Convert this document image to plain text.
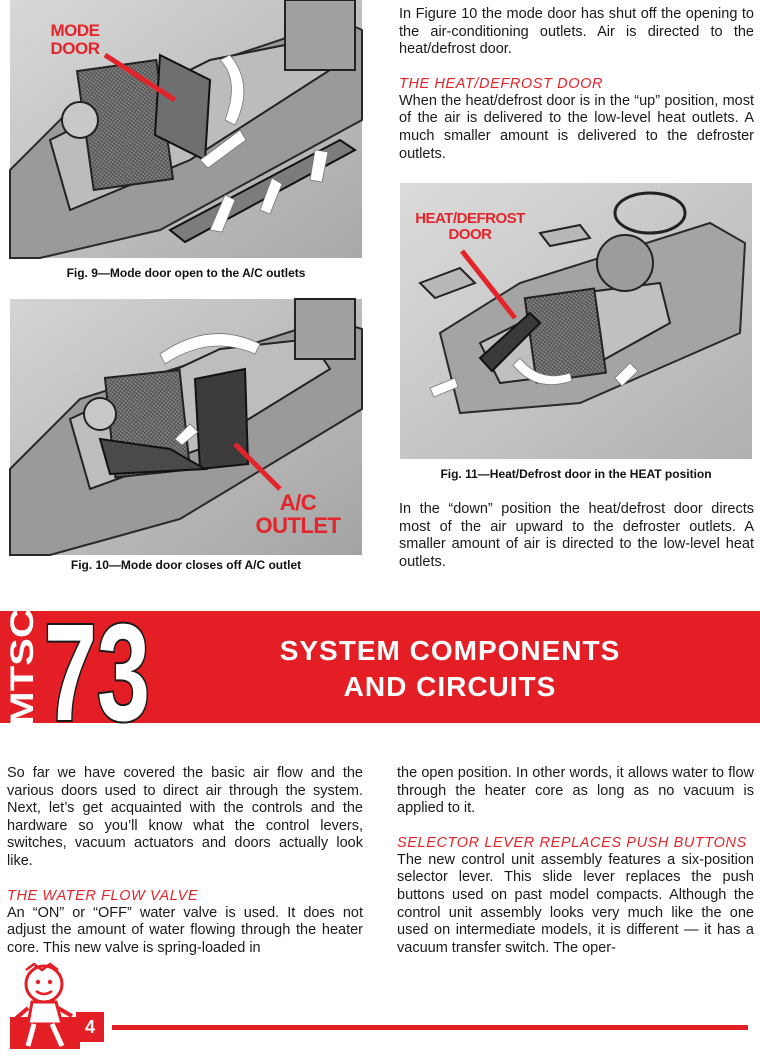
MODE
DOOR
Fig. 9—Mode door open to the A/C outlets
A/C OUTLET
Fig. 10—Mode door closes off A/C outlet

In Figure 10 the mode door has shut off the opening to the air-conditioning outlets. Air is directed to the heat/defrost door.

THE HEAT/DEFROST DOOR

When the heat/defrost door is in the “up” position, most of the air is delivered to the low-level heat outlets. A much smaller amount is delivered to the defroster outlets.

HEAT/DEFROST
DOOR
Fig. 11—Heat/Defrost door in the HEAT position
In the “down” position the heat/defrost door directs most of the air upward to the defroster outlets. A smaller amount of air is directed to the low-level heat outlets.
SYSTEM COMPONENTS
AND CIRCUITS
MTSC 73

So far we have covered the basic air flow and the various doors used to direct air through the system. Next, let’s get acquainted with the controls and the hardware so you’ll know what the control levers, switches, vacuum actuators and doors actually look like.

THE WATER FLOW VALVE

An “ON” or “OFF” water valve is used. It does not adjust the amount of water flowing through the heater core. This new valve is spring-loaded in

the open position. In other words, it allows water to flow through the heater core as long as no vacuum is applied to it.

SELECTOR LEVER REPLACES PUSH BUTTONS

The new control unit assembly features a six-position selector lever. This slide lever replaces the push buttons used on past model compacts. Although the control unit assembly looks very much like the one used on intermediate models, it is different — it has a vacuum transfer switch. The oper-

4
